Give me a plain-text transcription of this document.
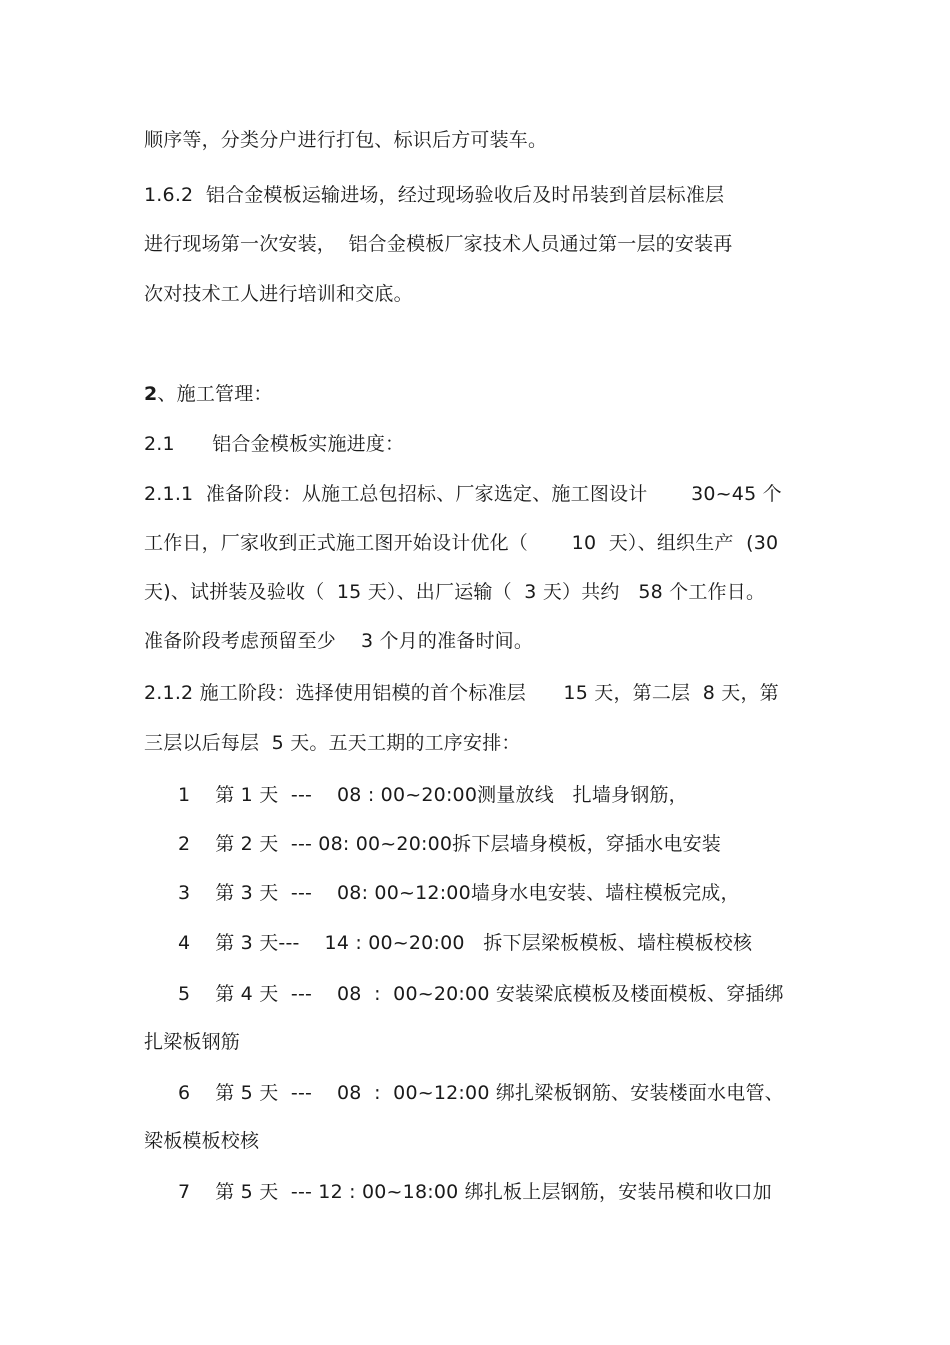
顺序等，分类分户进行打包、标识后方可装车。
1.6.2  铝合金模板运输进场，经过现场验收后及时吊装到首层标准层
进行现场第一次安装，  铝合金模板厂家技术人员通过第一层的安装再
次对技术工人进行培训和交底。
2、施工管理：
2.1      铝合金模板实施进度：
2.1.1  准备阶段：从施工总包招标、厂家选定、施工图设计       30~45 个
工作日，厂家收到正式施工图开始设计优化（       10  天）、组织生产  (30
天)、试拼装及验收（  15 天）、出厂运输（  3 天）共约   58 个工作日。
准备阶段考虑预留至少    3 个月的准备时间。
2.1.2 施工阶段：选择使用铝模的首个标准层      15 天，第二层  8 天，第
三层以后每层  5 天。五天工期的工序安排：
1    第 1 天  ---    08 : 00~20:00测量放线   扎墙身钢筋，
2    第 2 天  --- 08: 00~20:00拆下层墙身模板，穿插水电安装
3    第 3 天  ---    08: 00~12:00墙身水电安装、墙柱模板完成，
4    第 3 天---    14 : 00~20:00   拆下层梁板模板、墙柱模板校核
5    第 4 天  ---    08  :  00~20:00 安装梁底模板及楼面模板、穿插绑
扎梁板钢筋
6    第 5 天  ---    08  :  00~12:00 绑扎梁板钢筋、安装楼面水电管、
梁板模板校核
7    第 5 天  --- 12 : 00~18:00 绑扎板上层钢筋，安装吊模和收口加
